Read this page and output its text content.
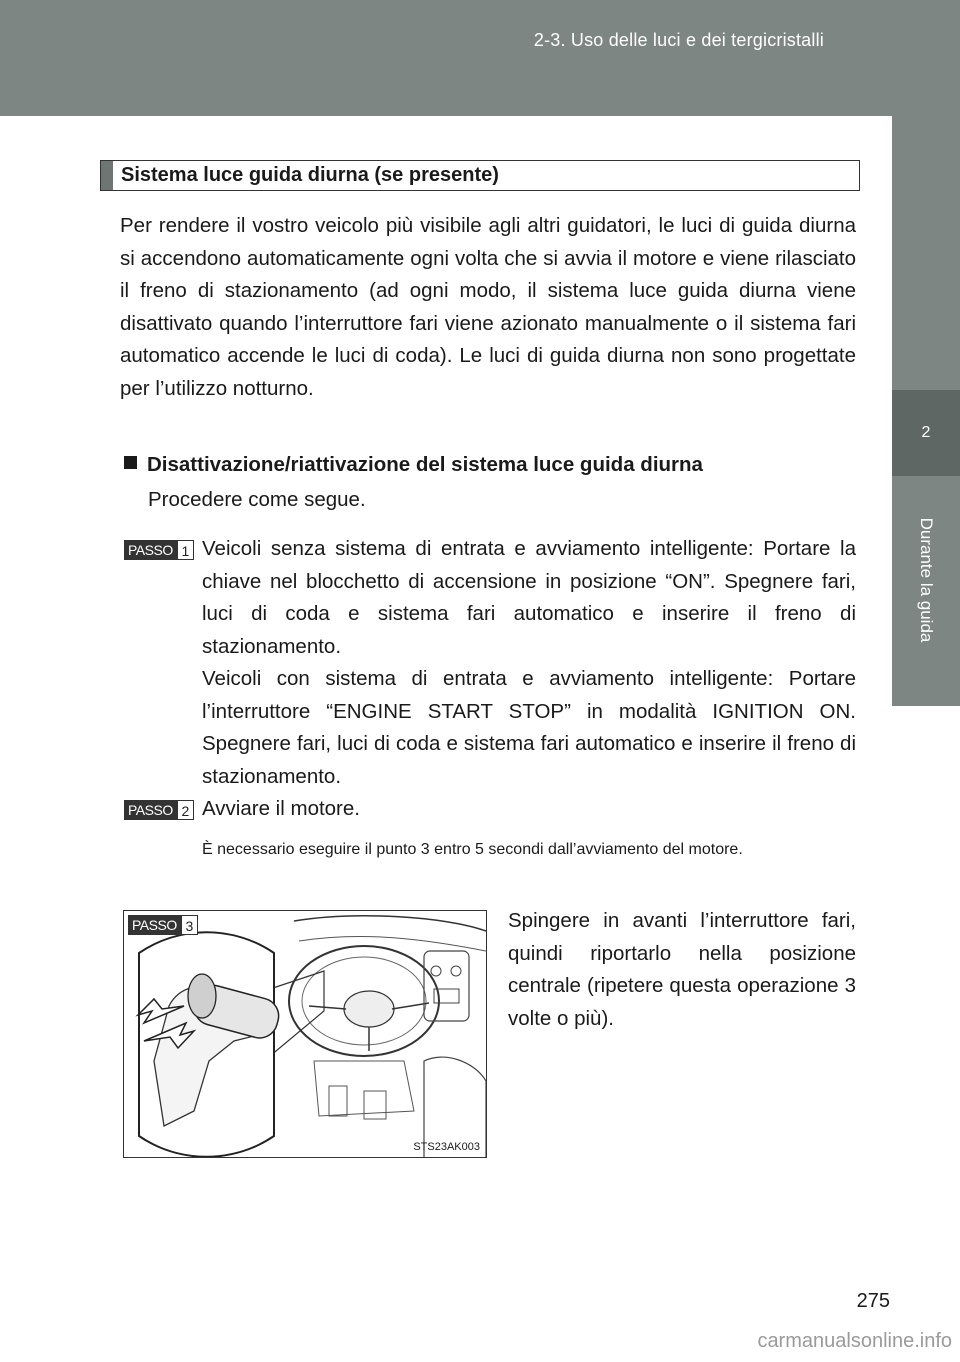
2-3. Uso delle luci e dei tergicristalli
2
Durante la guida
Sistema luce guida diurna (se presente)
Per rendere il vostro veicolo più visibile agli altri guidatori, le luci di guida diurna si accendono automaticamente ogni volta che si avvia il motore e viene rilasciato il freno di stazionamento (ad ogni modo, il sistema luce guida diurna viene disattivato quando l’interruttore fari viene azionato manualmente o il sistema fari automatico accende le luci di coda). Le luci di guida diurna non sono progettate per l’utilizzo notturno.
Disattivazione/riattivazione del sistema luce guida diurna
Procedere come segue.
PASSO 1 Veicoli senza sistema di entrata e avviamento intelligente: Portare la chiave nel blocchetto di accensione in posizione “ON”. Spegnere fari, luci di coda e sistema fari automatico e inserire il freno di stazionamento.
Veicoli con sistema di entrata e avviamento intelligente: Portare l’interruttore “ENGINE START STOP” in modalità IGNITION ON. Spegnere fari, luci di coda e sistema fari automatico e inserire il freno di stazionamento.
PASSO 2 Avviare il motore.
È necessario eseguire il punto 3 entro 5 secondi dall’avviamento del motore.
PASSO 3
STS23AK003
Spingere in avanti l’interruttore fari, quindi riportarlo nella posizione centrale (ripetere questa operazione 3 volte o più).
275
carmanualsonline.info
